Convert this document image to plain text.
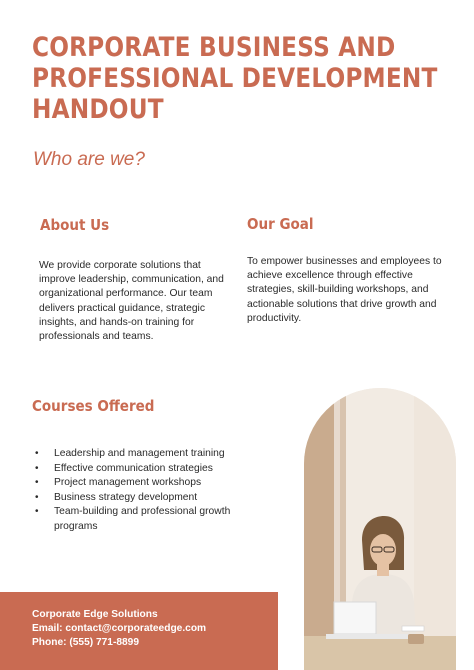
CORPORATE BUSINESS AND
PROFESSIONAL DEVELOPMENT
HANDOUT
Who are we?
About Us
We provide corporate solutions that improve leadership, communication, and organizational performance. Our team delivers practical guidance, strategic insights, and hands-on training for professionals and teams.
Our Goal
To empower businesses and employees to achieve excellence through effective strategies, skill-building workshops, and actionable solutions that drive growth and productivity.
Courses Offered
• Leadership and management training
• Effective communication strategies
• Project management workshops
• Business strategy development
• Team-building and professional growth programs
Corporate Edge Solutions
Email: contact@corporateedge.com
Phone: (555) 771-8899
